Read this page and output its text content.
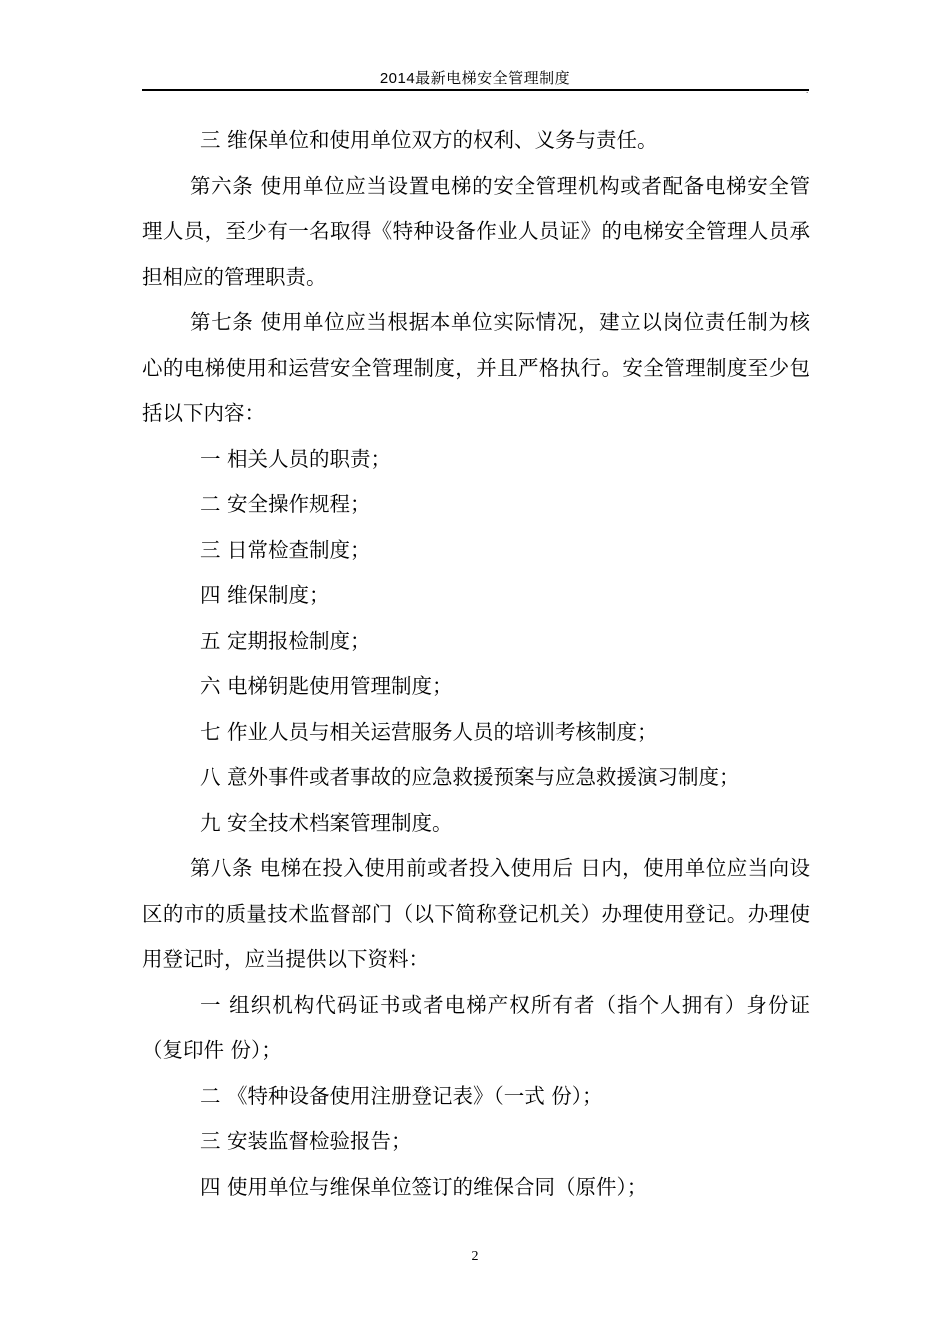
2014最新电梯安全管理制度
.

三 维保单位和使用单位双方的权利、义务与责任。

第六条 使用单位应当设置电梯的安全管理机构或者配备电梯安全管理人员，至少有一名取得《特种设备作业人员证》的电梯安全管理人员承担相应的管理职责。

第七条 使用单位应当根据本单位实际情况，建立以岗位责任制为核心的电梯使用和运营安全管理制度，并且严格执行。安全管理制度至少包括以下内容：

一 相关人员的职责；

二 安全操作规程；

三 日常检查制度；

四 维保制度；

五 定期报检制度；

六 电梯钥匙使用管理制度；

七 作业人员与相关运营服务人员的培训考核制度；

八 意外事件或者事故的应急救援预案与应急救援演习制度；

九 安全技术档案管理制度。

第八条 电梯在投入使用前或者投入使用后 日内，使用单位应当向设区的市的质量技术监督部门（以下简称登记机关）办理使用登记。办理使用登记时，应当提供以下资料：

一 组织机构代码证书或者电梯产权所有者（指个人拥有）身份证（复印件 份）；

二 《特种设备使用注册登记表》（一式 份）；

三 安装监督检验报告；

四 使用单位与维保单位签订的维保合同（原件）；

2
